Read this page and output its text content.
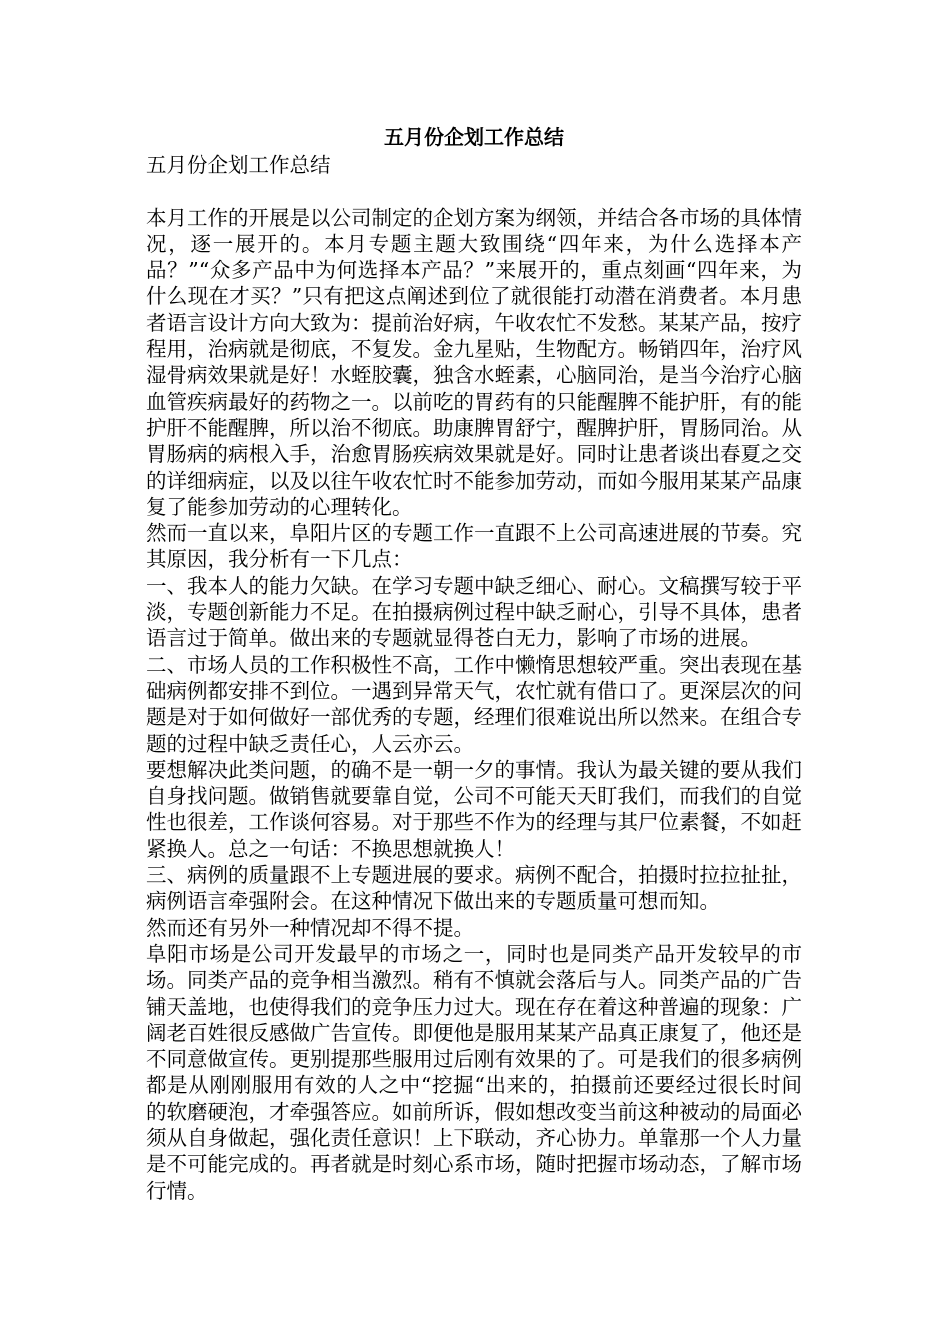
五月份企划工作总结
五月份企划工作总结

本月工作的开展是以公司制定的企划方案为纲领，并结合各市场的具体情况，逐一展开的。本月专题主题大致围绕“四年来，为什么选择本产品？”“众多产品中为何选择本产品？”来展开的，重点刻画“四年来，为什么现在才买？”只有把这点阐述到位了就很能打动潜在消费者。本月患者语言设计方向大致为：提前治好病，午收农忙不发愁。某某产品，按疗程用，治病就是彻底，不复发。金九星贴，生物配方。畅销四年，治疗风湿骨病效果就是好！水蛭胶囊，独含水蛭素，心脑同治，是当今治疗心脑血管疾病最好的药物之一。以前吃的胃药有的只能醒脾不能护肝，有的能护肝不能醒脾，所以治不彻底。助康脾胃舒宁，醒脾护肝，胃肠同治。从胃肠病的病根入手，治愈胃肠疾病效果就是好。同时让患者谈出春夏之交的详细病症，以及以往午收农忙时不能参加劳动，而如今服用某某产品康复了能参加劳动的心理转化。

然而一直以来，阜阳片区的专题工作一直跟不上公司高速进展的节奏。究其原因，我分析有一下几点：

一、我本人的能力欠缺。在学习专题中缺乏细心、耐心。文稿撰写较于平淡，专题创新能力不足。在拍摄病例过程中缺乏耐心，引导不具体，患者语言过于简单。做出来的专题就显得苍白无力，影响了市场的进展。

二、市场人员的工作积极性不高，工作中懒惰思想较严重。突出表现在基础病例都安排不到位。一遇到异常天气，农忙就有借口了。更深层次的问题是对于如何做好一部优秀的专题，经理们很难说出所以然来。在组合专题的过程中缺乏责任心，人云亦云。

要想解决此类问题，的确不是一朝一夕的事情。我认为最关键的要从我们自身找问题。做销售就要靠自觉，公司不可能天天盯我们，而我们的自觉性也很差，工作谈何容易。对于那些不作为的经理与其尸位素餐，不如赶紧换人。总之一句话：不换思想就换人！

三、病例的质量跟不上专题进展的要求。病例不配合，拍摄时拉拉扯扯，病例语言牵强附会。在这种情况下做出来的专题质量可想而知。

然而还有另外一种情况却不得不提。

阜阳市场是公司开发最早的市场之一，同时也是同类产品开发较早的市场。同类产品的竞争相当激烈。稍有不慎就会落后与人。同类产品的广告铺天盖地，也使得我们的竞争压力过大。现在存在着这种普遍的现象：广阔老百姓很反感做广告宣传。即便他是服用某某产品真正康复了，他还是不同意做宣传。更别提那些服用过后刚有效果的了。可是我们的很多病例都是从刚刚服用有效的人之中“挖掘“出来的，拍摄前还要经过很长时间的软磨硬泡，才牵强答应。如前所诉，假如想改变当前这种被动的局面必须从自身做起，强化责任意识！上下联动，齐心协力。单靠那一个人力量是不可能完成的。再者就是时刻心系市场，随时把握市场动态，了解市场行情。
